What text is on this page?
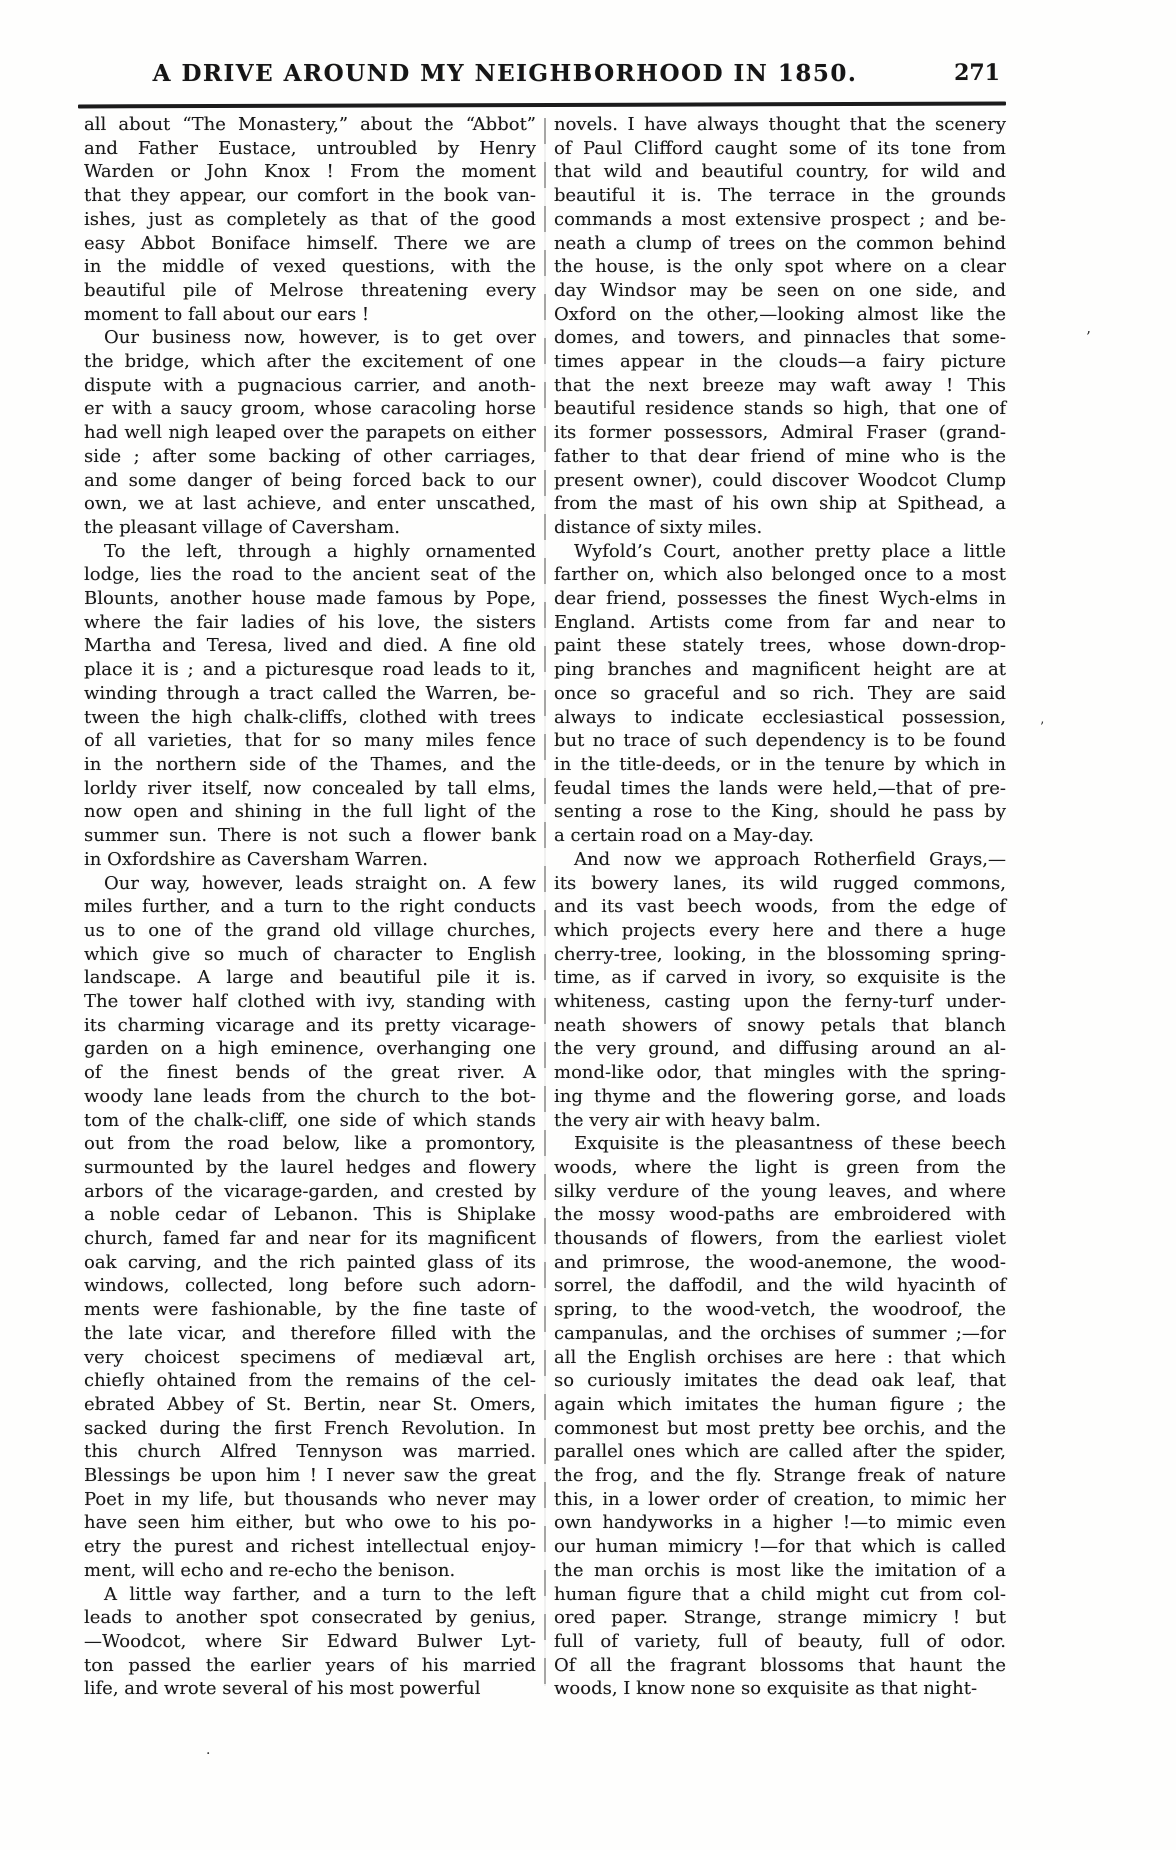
A DRIVE AROUND MY NEIGHBORHOOD IN 1850.	271
all about “The Monastery,” about the “Abbot”
and Father Eustace, untroubled by Henry
Warden or John Knox ! From the moment
that they appear, our comfort in the book van-
ishes, just as completely as that of the good
easy Abbot Boniface himself. There we are
in the middle of vexed questions, with the
beautiful pile of Melrose threatening every
moment to fall about our ears !
Our business now, however, is to get over
the bridge, which after the excitement of one
dispute with a pugnacious carrier, and anoth-
er with a saucy groom, whose caracoling horse
had well nigh leaped over the parapets on either
side ; after some backing of other carriages,
and some danger of being forced back to our
own, we at last achieve, and enter unscathed,
the pleasant village of Caversham.
To the left, through a highly ornamented
lodge, lies the road to the ancient seat of the
Blounts, another house made famous by Pope,
where the fair ladies of his love, the sisters
Martha and Teresa, lived and died. A fine old
place it is ; and a picturesque road leads to it,
winding through a tract called the Warren, be-
tween the high chalk-cliffs, clothed with trees
of all varieties, that for so many miles fence
in the northern side of the Thames, and the
lorldy river itself, now concealed by tall elms,
now open and shining in the full light of the
summer sun. There is not such a flower bank
in Oxfordshire as Caversham Warren.
Our way, however, leads straight on. A few
miles further, and a turn to the right conducts
us to one of the grand old village churches,
which give so much of character to English
landscape. A large and beautiful pile it is.
The tower half clothed with ivy, standing with
its charming vicarage and its pretty vicarage-
garden on a high eminence, overhanging one
of the finest bends of the great river. A
woody lane leads from the church to the bot-
tom of the chalk-cliff, one side of which stands
out from the road below, like a promontory,
surmounted by the laurel hedges and flowery
arbors of the vicarage-garden, and crested by
a noble cedar of Lebanon. This is Shiplake
church, famed far and near for its magnificent
oak carving, and the rich painted glass of its
windows, collected, long before such adorn-
ments were fashionable, by the fine taste of
the late vicar, and therefore filled with the
very choicest specimens of mediæval art,
chiefly ohtained from the remains of the cel-
ebrated Abbey of St. Bertin, near St. Omers,
sacked during the first French Revolution. In
this church Alfred Tennyson was married.
Blessings be upon him ! I never saw the great
Poet in my life, but thousands who never may
have seen him either, but who owe to his po-
etry the purest and richest intellectual enjoy-
ment, will echo and re-echo the benison.
A little way farther, and a turn to the left
leads to another spot consecrated by genius,
—Woodcot, where Sir Edward Bulwer Lyt-
ton passed the earlier years of his married
life, and wrote several of his most powerful
novels. I have always thought that the scenery
of Paul Clifford caught some of its tone from
that wild and beautiful country, for wild and
beautiful it is. The terrace in the grounds
commands a most extensive prospect ; and be-
neath a clump of trees on the common behind
the house, is the only spot where on a clear
day Windsor may be seen on one side, and
Oxford on the other,—looking almost like the
domes, and towers, and pinnacles that some-
times appear in the clouds—a fairy picture
that the next breeze may waft away ! This
beautiful residence stands so high, that one of
its former possessors, Admiral Fraser (grand-
father to that dear friend of mine who is the
present owner), could discover Woodcot Clump
from the mast of his own ship at Spithead, a
distance of sixty miles.
Wyfold’s Court, another pretty place a little
farther on, which also belonged once to a most
dear friend, possesses the finest Wych-elms in
England. Artists come from far and near to
paint these stately trees, whose down-drop-
ping branches and magnificent height are at
once so graceful and so rich. They are said
always to indicate ecclesiastical possession,
but no trace of such dependency is to be found
in the title-deeds, or in the tenure by which in
feudal times the lands were held,—that of pre-
senting a rose to the King, should he pass by
a certain road on a May-day.
And now we approach Rotherfield Grays,—
its bowery lanes, its wild rugged commons,
and its vast beech woods, from the edge of
which projects every here and there a huge
cherry-tree, looking, in the blossoming spring-
time, as if carved in ivory, so exquisite is the
whiteness, casting upon the ferny-turf under-
neath showers of snowy petals that blanch
the very ground, and diffusing around an al-
mond-like odor, that mingles with the spring-
ing thyme and the flowering gorse, and loads
the very air with heavy balm.
Exquisite is the pleasantness of these beech
woods, where the light is green from the
silky verdure of the young leaves, and where
the mossy wood-paths are embroidered with
thousands of flowers, from the earliest violet
and primrose, the wood-anemone, the wood-
sorrel, the daffodil, and the wild hyacinth of
spring, to the wood-vetch, the woodroof, the
campanulas, and the orchises of summer ;—for
all the English orchises are here : that which
so curiously imitates the dead oak leaf, that
again which imitates the human figure ; the
commonest but most pretty bee orchis, and the
parallel ones which are called after the spider,
the frog, and the fly. Strange freak of nature
this, in a lower order of creation, to mimic her
own handyworks in a higher !—to mimic even
our human mimicry !—for that which is called
the man orchis is most like the imitation of a
human figure that a child might cut from col-
ored paper. Strange, strange mimicry ! but
full of variety, full of beauty, full of odor.
Of all the fragrant blossoms that haunt the
woods, I know none so exquisite as that night-
’
’
·
